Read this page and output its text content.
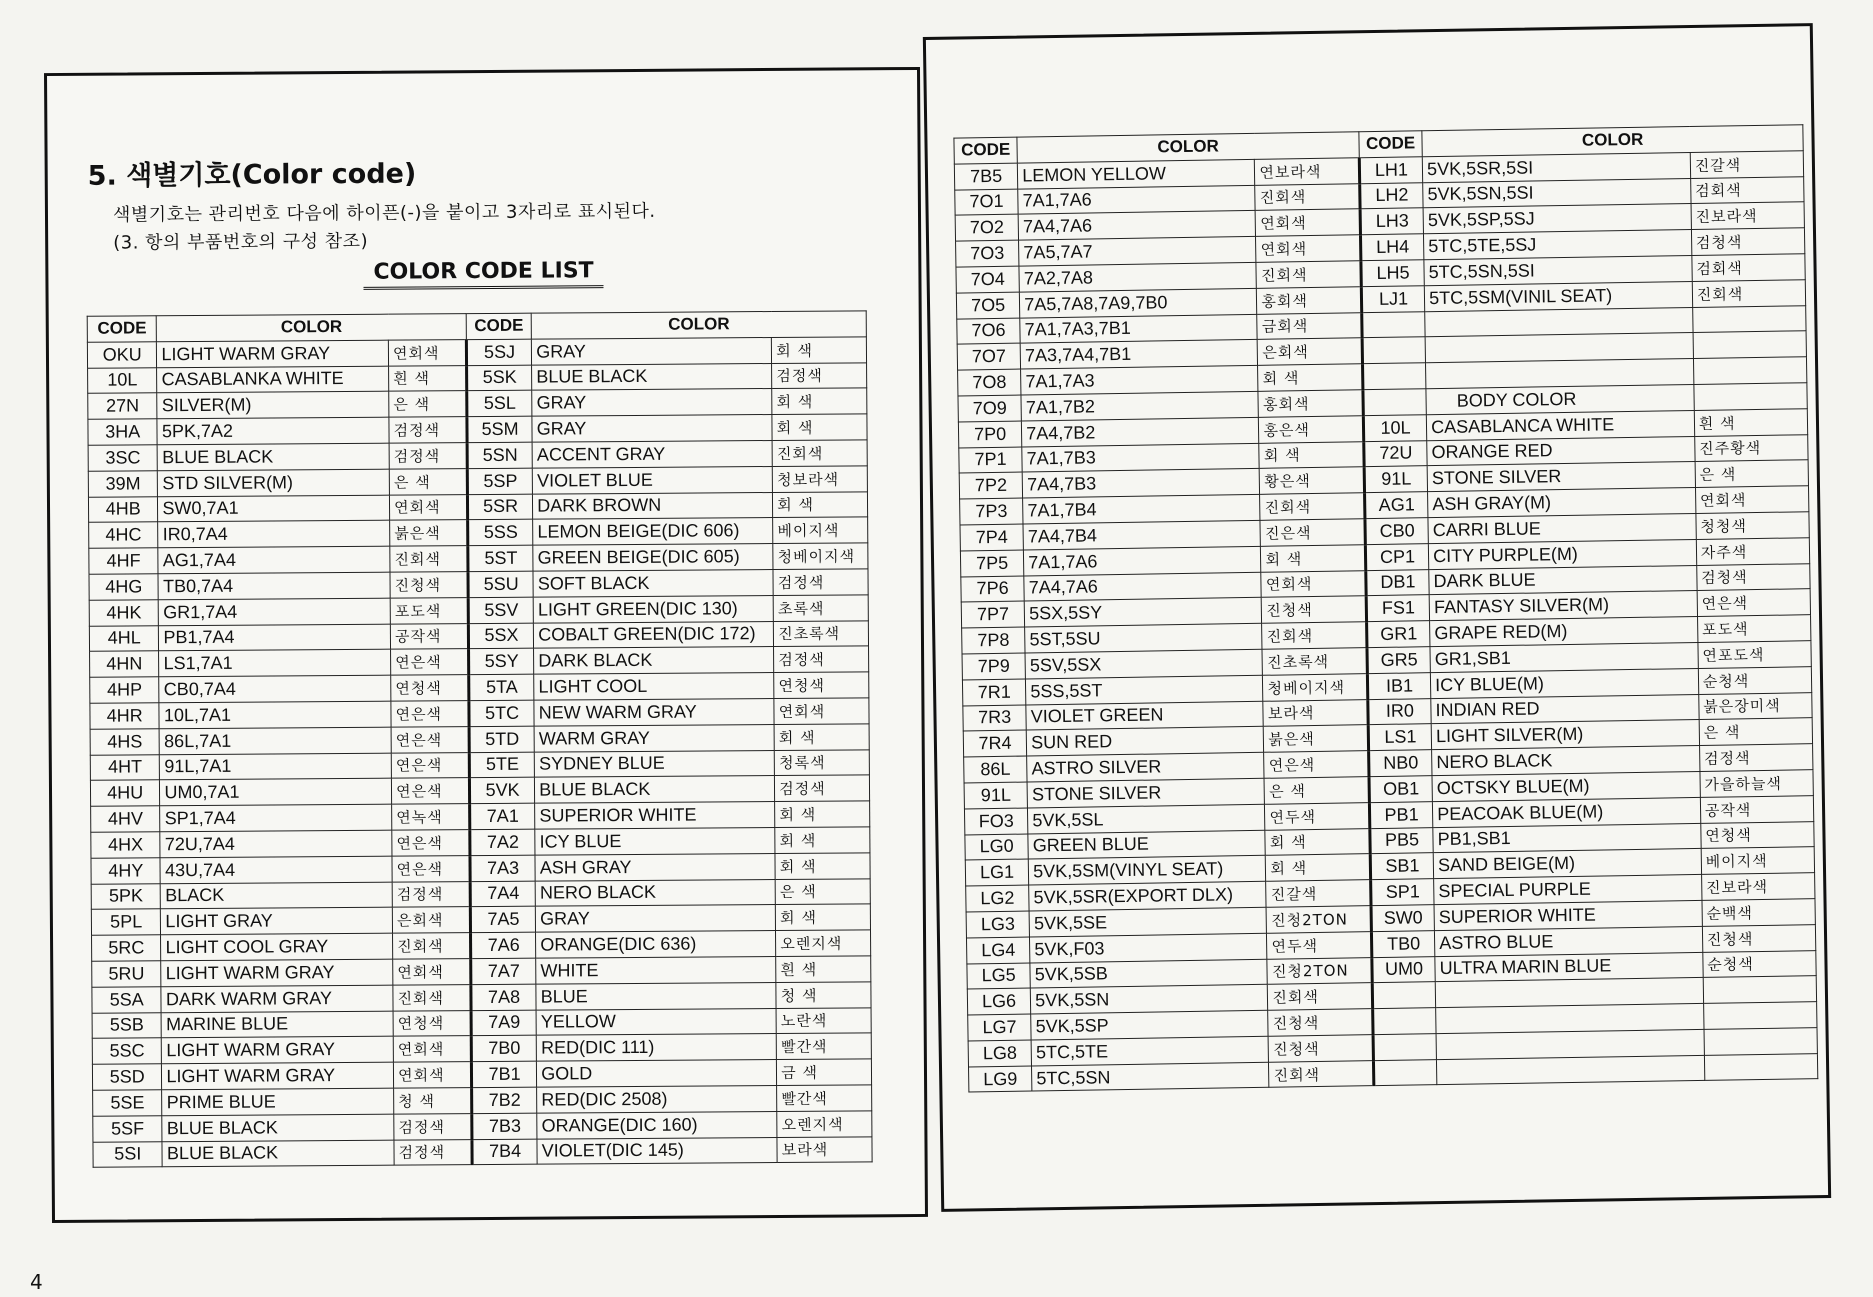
5. 색별기호(Color code)
색별기호는 관리번호 다음에 하이픈(-)을 붙이고 3자리로 표시된다.
(3. 항의 부품번호의 구성 참조)
COLOR CODE LIST
CODE	COLOR		CODE	COLOR	
OKU	LIGHT WARM GRAY	연회색	5SJ	GRAY	회 색
10L	CASABLANKA WHITE	흰 색	5SK	BLUE BLACK	검정색
27N	SILVER(M)	은 색	5SL	GRAY	회 색
3HA	5PK,7A2	검정색	5SM	GRAY	회 색
3SC	BLUE BLACK	검정색	5SN	ACCENT GRAY	진회색
39M	STD SILVER(M)	은 색	5SP	VIOLET BLUE	청보라색
4HB	SW0,7A1	연회색	5SR	DARK BROWN	회 색
4HC	IR0,7A4	붉은색	5SS	LEMON BEIGE(DIC 606)	베이지색
4HF	AG1,7A4	진회색	5ST	GREEN BEIGE(DIC 605)	청베이지색
4HG	TB0,7A4	진청색	5SU	SOFT BLACK	검정색
4HK	GR1,7A4	포도색	5SV	LIGHT GREEN(DIC 130)	초록색
4HL	PB1,7A4	공작색	5SX	COBALT GREEN(DIC 172)	진초록색
4HN	LS1,7A1	연은색	5SY	DARK BLACK	검정색
4HP	CB0,7A4	연청색	5TA	LIGHT COOL	연청색
4HR	10L,7A1	연은색	5TC	NEW WARM GRAY	연회색
4HS	86L,7A1	연은색	5TD	WARM GRAY	회 색
4HT	91L,7A1	연은색	5TE	SYDNEY BLUE	청록색
4HU	UM0,7A1	연은색	5VK	BLUE BLACK	검정색
4HV	SP1,7A4	연녹색	7A1	SUPERIOR WHITE	회 색
4HX	72U,7A4	연은색	7A2	ICY BLUE	회 색
4HY	43U,7A4	연은색	7A3	ASH GRAY	회 색
5PK	BLACK	검정색	7A4	NERO BLACK	은 색
5PL	LIGHT GRAY	은회색	7A5	GRAY	회 색
5RC	LIGHT COOL GRAY	진회색	7A6	ORANGE(DIC 636)	오렌지색
5RU	LIGHT WARM GRAY	연회색	7A7	WHITE	흰 색
5SA	DARK WARM GRAY	진회색	7A8	BLUE	청 색
5SB	MARINE BLUE	연청색	7A9	YELLOW	노란색
5SC	LIGHT WARM GRAY	연회색	7B0	RED(DIC 111)	빨간색
5SD	LIGHT WARM GRAY	연회색	7B1	GOLD	금 색
5SE	PRIME BLUE	청 색	7B2	RED(DIC 2508)	빨간색
5SF	BLUE BLACK	검정색	7B3	ORANGE(DIC 160)	오렌지색
5SI	BLUE BLACK	검정색	7B4	VIOLET(DIC 145)	보라색
CODE	COLOR		CODE	COLOR	
7B5	LEMON YELLOW	연보라색	LH1	5VK,5SR,5SI	진갈색
7O1	7A1,7A6	진회색	LH2	5VK,5SN,5SI	검회색
7O2	7A4,7A6	연회색	LH3	5VK,5SP,5SJ	진보라색
7O3	7A5,7A7	연회색	LH4	5TC,5TE,5SJ	검청색
7O4	7A2,7A8	진회색	LH5	5TC,5SN,5SI	검회색
7O5	7A5,7A8,7A9,7B0	홍회색	LJ1	5TC,5SM(VINIL SEAT)	진회색
7O6	7A1,7A3,7B1	금회색			
7O7	7A3,7A4,7B1	은회색			
7O8	7A1,7A3	회 색			
7O9	7A1,7B2	홍회색		BODY COLOR	
7P0	7A4,7B2	홍은색	10L	CASABLANCA WHITE	흰 색
7P1	7A1,7B3	회 색	72U	ORANGE RED	진주황색
7P2	7A4,7B3	황은색	91L	STONE SILVER	은 색
7P3	7A1,7B4	진회색	AG1	ASH GRAY(M)	연회색
7P4	7A4,7B4	진은색	CB0	CARRI BLUE	청청색
7P5	7A1,7A6	회 색	CP1	CITY PURPLE(M)	자주색
7P6	7A4,7A6	연회색	DB1	DARK BLUE	검청색
7P7	5SX,5SY	진청색	FS1	FANTASY SILVER(M)	연은색
7P8	5ST,5SU	진회색	GR1	GRAPE RED(M)	포도색
7P9	5SV,5SX	진초록색	GR5	GR1,SB1	연포도색
7R1	5SS,5ST	청베이지색	IB1	ICY BLUE(M)	순청색
7R3	VIOLET GREEN	보라색	IR0	INDIAN RED	붉은장미색
7R4	SUN RED	붉은색	LS1	LIGHT SILVER(M)	은 색
86L	ASTRO SILVER	연은색	NB0	NERO BLACK	검정색
91L	STONE SILVER	은 색	OB1	OCTSKY BLUE(M)	가을하늘색
FO3	5VK,5SL	연두색	PB1	PEACOAK BLUE(M)	공작색
LG0	GREEN BLUE	회 색	PB5	PB1,SB1	연청색
LG1	5VK,5SM(VINYL SEAT)	회 색	SB1	SAND BEIGE(M)	베이지색
LG2	5VK,5SR(EXPORT DLX)	진갈색	SP1	SPECIAL PURPLE	진보라색
LG3	5VK,5SE	진청2TON	SW0	SUPERIOR WHITE	순백색
LG4	5VK,F03	연두색	TB0	ASTRO BLUE	진청색
LG5	5VK,5SB	진청2TON	UM0	ULTRA MARIN BLUE	순청색
LG6	5VK,5SN	진회색			
LG7	5VK,5SP	진청색			
LG8	5TC,5TE	진청색			
LG9	5TC,5SN	진회색			
4
